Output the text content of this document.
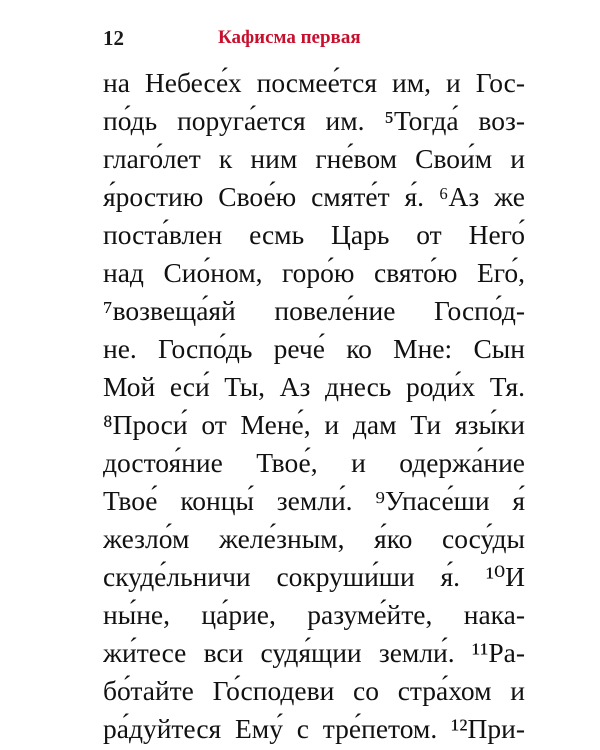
12	Кафисма первая
на Небесе́х посмее́тся им, и Гос-
по́дь поруга́ется им. ⁵Тогда́ воз-
глаго́лет к ним гне́вом Свои́м и
я́ростию Свое́ю смяте́т я́. ⁶Аз же
поста́влен есмь Царь от Него́
над Сио́ном, горо́ю свято́ю Его́,
⁷возвеща́яй повеле́ние Госпо́д-
не. Госпо́дь рече́ ко Мне: Сын
Мой еси́ Ты, Аз днесь роди́х Тя.
⁸Проси́ от Мене́, и дам Ти язы́ки
достоя́ние Твое́, и одержа́ние
Твое́ концы́ земли́. ⁹Упасе́ши я́
жезло́м желе́зным, я́ко сосу́ды
скуде́льничи сокруши́ши я́. ¹⁰И
ны́не, ца́рие, разуме́йте, нака-
жи́тесе вси судя́щии земли́. ¹¹Ра-
бо́тайте Го́сподеви со стра́хом и
ра́дуйтеся Ему́ с тре́петом. ¹²При-
